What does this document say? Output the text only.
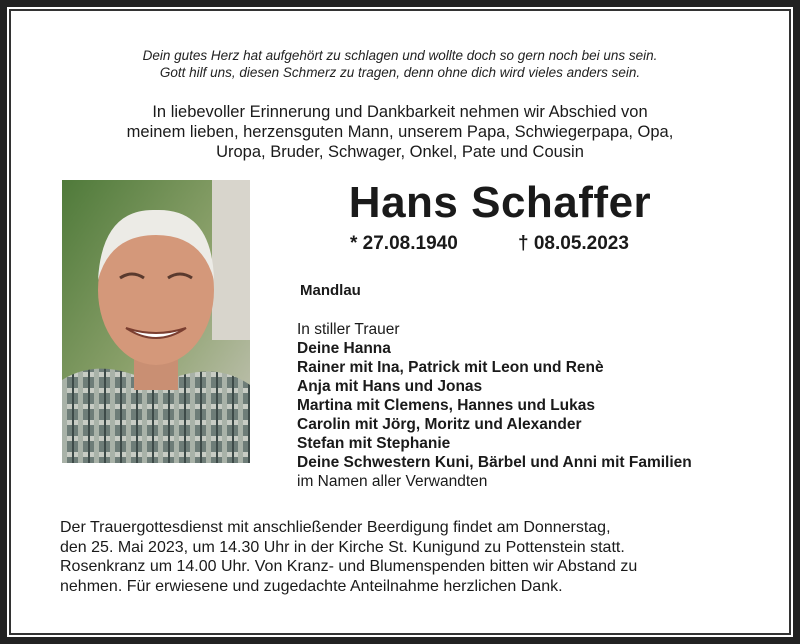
Dein gutes Herz hat aufgehört zu schlagen und wollte doch so gern noch bei uns sein.
Gott hilf uns, diesen Schmerz zu tragen, denn ohne dich wird vieles anders sein.
In liebevoller Erinnerung und Dankbarkeit nehmen wir Abschied von
meinem lieben, herzensguten Mann, unserem Papa, Schwiegerpapa, Opa,
Uropa, Bruder, Schwager, Onkel, Pate und Cousin
Hans Schaffer
* 27.08.1940	† 08.05.2023
Mandlau
In stiller Trauer
Deine Hanna
Rainer mit Ina, Patrick mit Leon und Renè
Anja mit Hans und Jonas
Martina mit Clemens, Hannes und Lukas
Carolin mit Jörg, Moritz und Alexander
Stefan mit Stephanie
Deine Schwestern Kuni, Bärbel und Anni mit Familien
im Namen aller Verwandten
Der Trauergottesdienst mit anschließender Beerdigung findet am Donnerstag,
den 25. Mai 2023, um 14.30 Uhr in der Kirche St. Kunigund zu Pottenstein statt.
Rosenkranz um 14.00 Uhr. Von Kranz- und Blumenspenden bitten wir Abstand zu
nehmen. Für erwiesene und zugedachte Anteilnahme herzlichen Dank.
